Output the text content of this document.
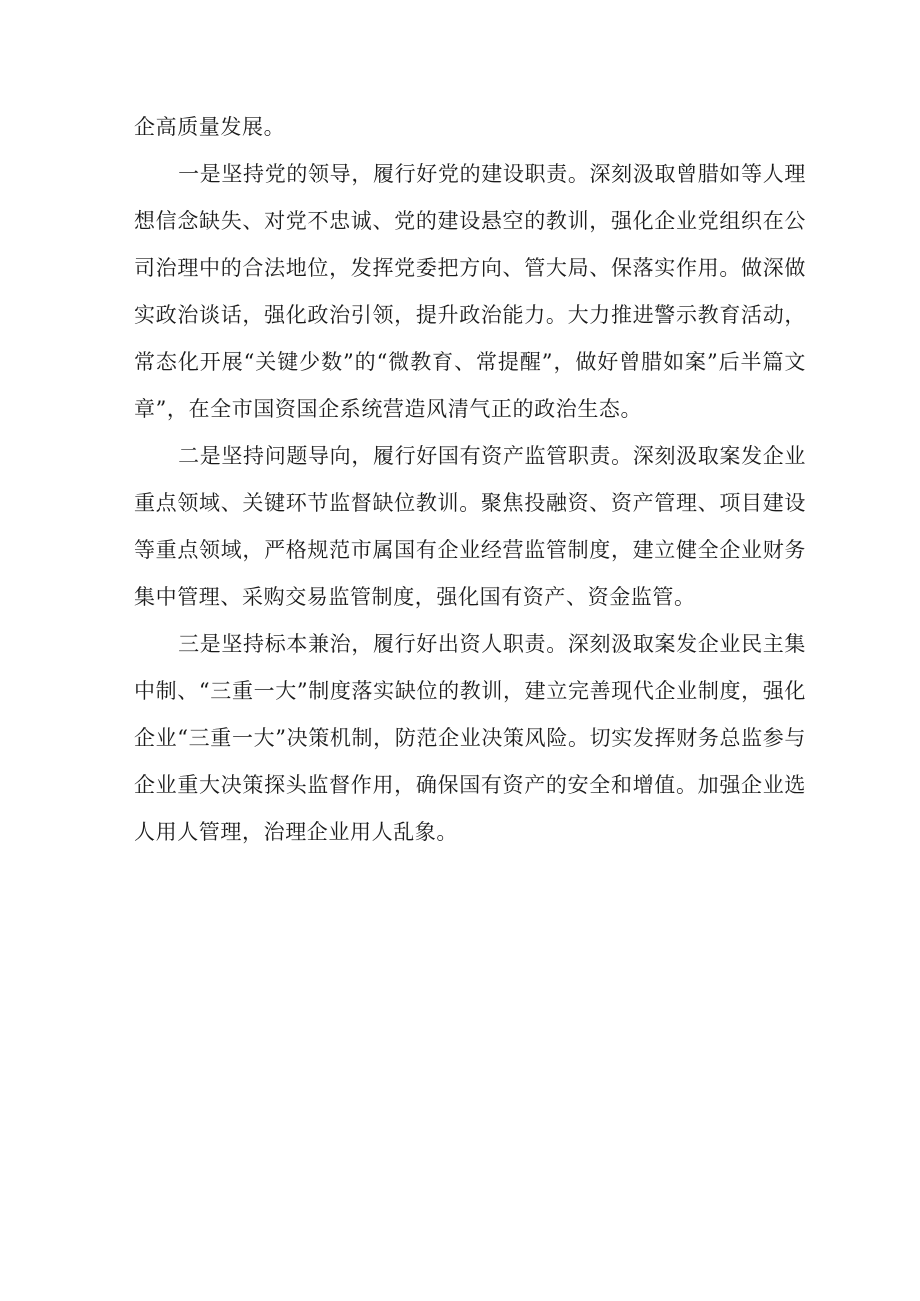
企高质量发展。

一是坚持党的领导，履行好党的建设职责。深刻汲取曾腊如等人理想信念缺失、对党不忠诚、党的建设悬空的教训，强化企业党组织在公司治理中的合法地位，发挥党委把方向、管大局、保落实作用。做深做实政治谈话，强化政治引领，提升政治能力。大力推进警示教育活动，常态化开展“关键少数”的“微教育、常提醒”，做好曾腊如案”后半篇文章”，在全市国资国企系统营造风清气正的政治生态。

二是坚持问题导向，履行好国有资产监管职责。深刻汲取案发企业重点领域、关键环节监督缺位教训。聚焦投融资、资产管理、项目建设等重点领域，严格规范市属国有企业经营监管制度，建立健全企业财务集中管理、采购交易监管制度，强化国有资产、资金监管。

三是坚持标本兼治，履行好出资人职责。深刻汲取案发企业民主集中制、“三重一大”制度落实缺位的教训，建立完善现代企业制度，强化企业“三重一大”决策机制，防范企业决策风险。切实发挥财务总监参与企业重大决策探头监督作用，确保国有资产的安全和增值。加强企业选人用人管理，治理企业用人乱象。
